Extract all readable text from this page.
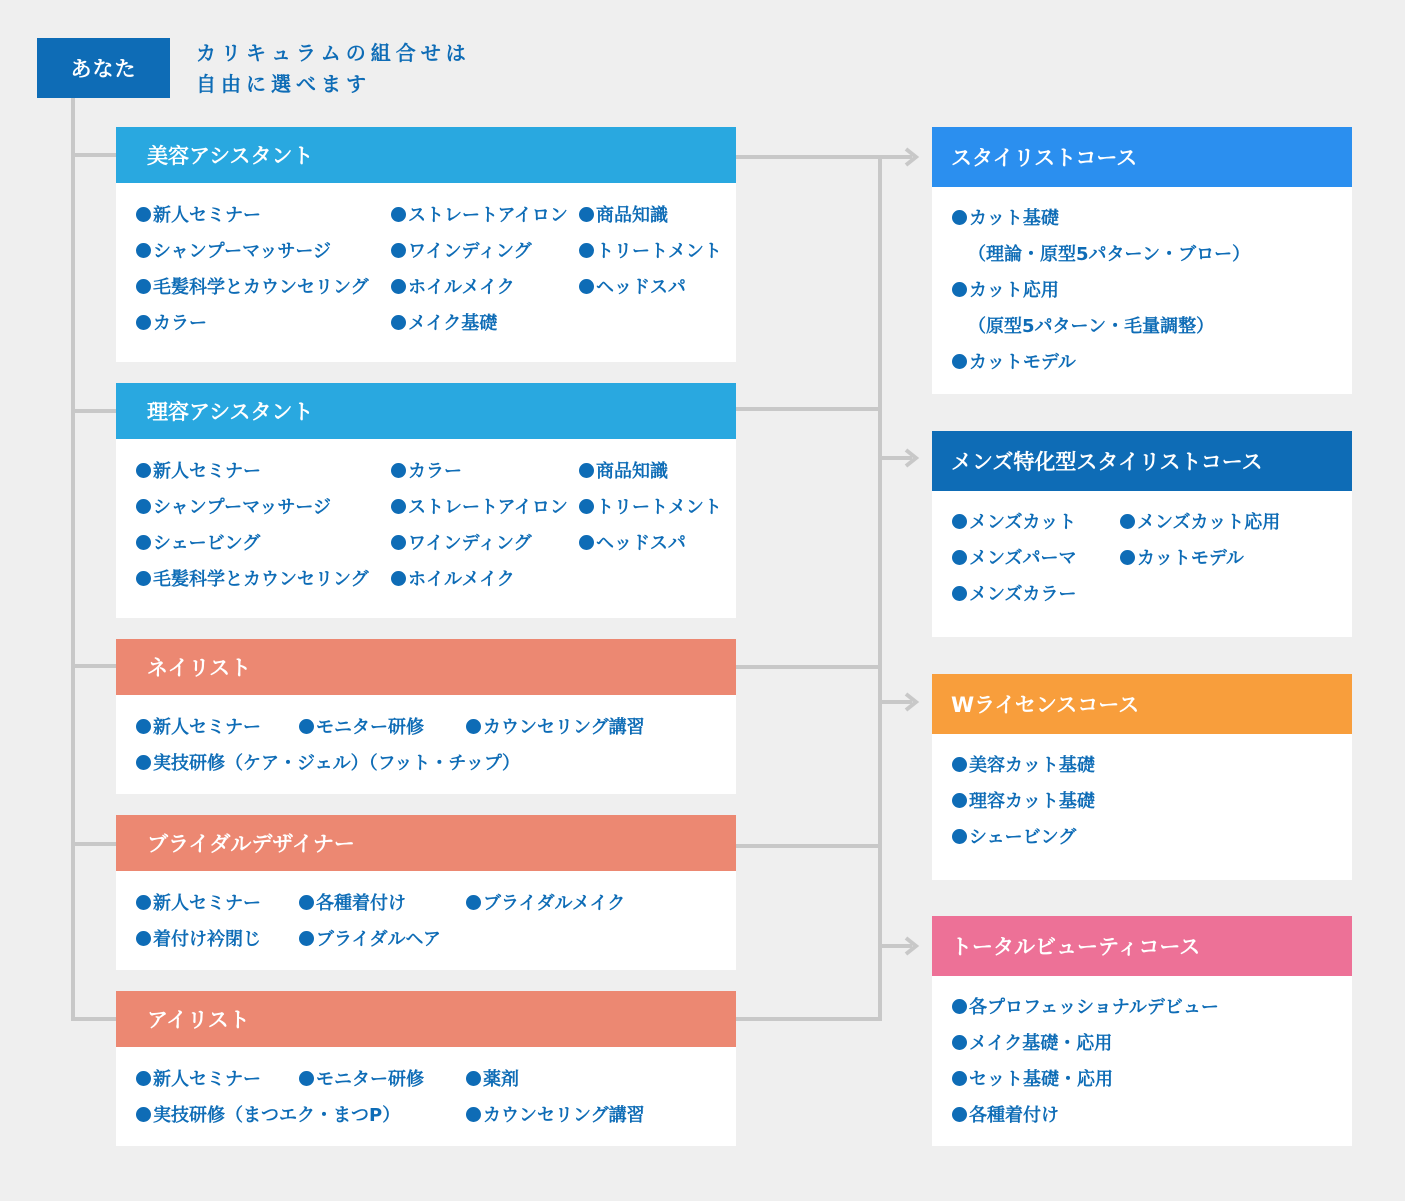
あなた
カリキュラムの組合せは
自由に選べます
美容アシスタント
新人セミナー
シャンプーマッサージ
毛髪科学とカウンセリング
カラー
ストレートアイロン
ワインディング
ホイルメイク
メイク基礎
商品知識
トリートメント
ヘッドスパ
理容アシスタント
新人セミナー
シャンプーマッサージ
シェービング
毛髪科学とカウンセリング
カラー
ストレートアイロン
ワインディング
ホイルメイク
商品知識
トリートメント
ヘッドスパ
ネイリスト
新人セミナー	モニター研修	カウンセリング講習
実技研修（ケア・ジェル）（フット・チップ）
ブライダルデザイナー
新人セミナー	各種着付け	ブライダルメイク
着付け衿閉じ	ブライダルヘア
アイリスト
新人セミナー	モニター研修	薬剤
実技研修（まつエク・まつP）	カウンセリング講習
スタイリストコース
カット基礎
（理論・原型5パターン・ブロー）
カット応用
（原型5パターン・毛量調整）
カットモデル
メンズ特化型スタイリストコース
メンズカット
メンズパーマ
メンズカラー
メンズカット応用
カットモデル
Wライセンスコース
美容カット基礎
理容カット基礎
シェービング
トータルビューティコース
各プロフェッショナルデビュー
メイク基礎・応用
セット基礎・応用
各種着付け
